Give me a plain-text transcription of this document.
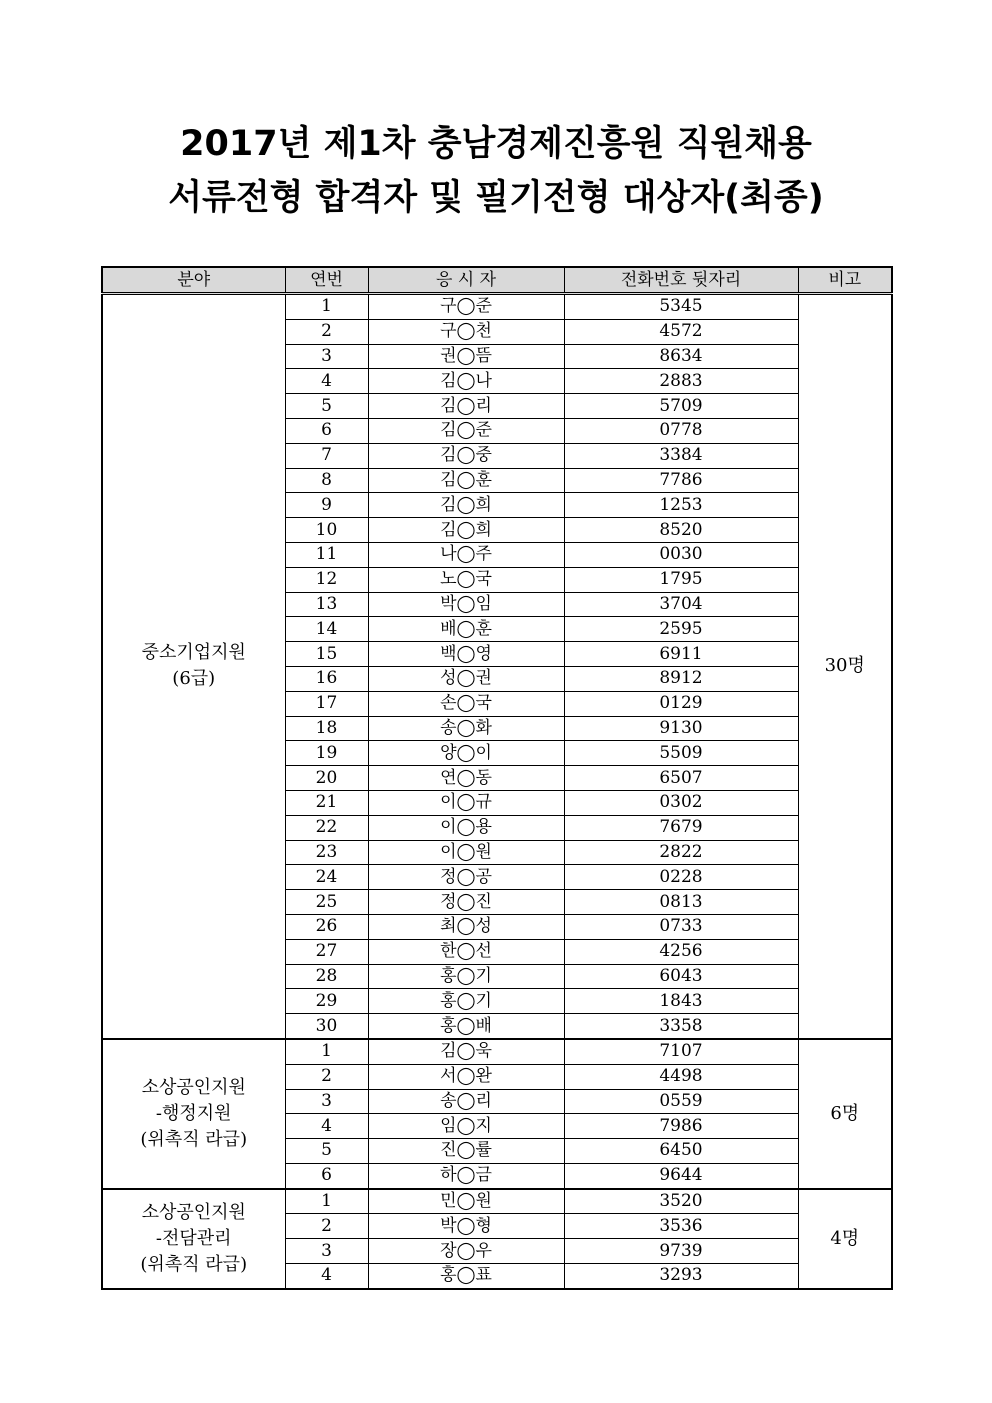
2017년 제1차 충남경제진흥원 직원채용
서류전형 합격자 및 필기전형 대상자(최종)
분야	연번	응 시 자	전화번호 뒷자리	비고

중소기업지원
(6급)	1	구◯준	5345	30명
	2	구◯천	4572	
	3	권◯뜸	8634	
	4	김◯나	2883	
	5	김◯리	5709	
	6	김◯준	0778	
	7	김◯중	3384	
	8	김◯훈	7786	
	9	김◯희	1253	
	10	김◯희	8520	
	11	나◯주	0030	
	12	노◯국	1795	
	13	박◯임	3704	
	14	배◯훈	2595	
	15	백◯영	6911	
	16	성◯권	8912	
	17	손◯국	0129	
	18	송◯화	9130	
	19	양◯이	5509	
	20	연◯동	6507	
	21	이◯규	0302	
	22	이◯용	7679	
	23	이◯원	2822	
	24	정◯공	0228	
	25	정◯진	0813	
	26	최◯성	0733	
	27	한◯선	4256	
	28	홍◯기	6043	
	29	홍◯기	1843	
	30	홍◯배	3358	

소상공인지원
-행정지원
(위촉직 라급)	1	김◯욱	7107	6명
	2	서◯완	4498	
	3	송◯리	0559	
	4	임◯지	7986	
	5	진◯률	6450	
	6	하◯금	9644	

소상공인지원
-전담관리
(위촉직 라급)	1	민◯원	3520	4명
	2	박◯형	3536	
	3	장◯우	9739	
	4	홍◯표	3293	
